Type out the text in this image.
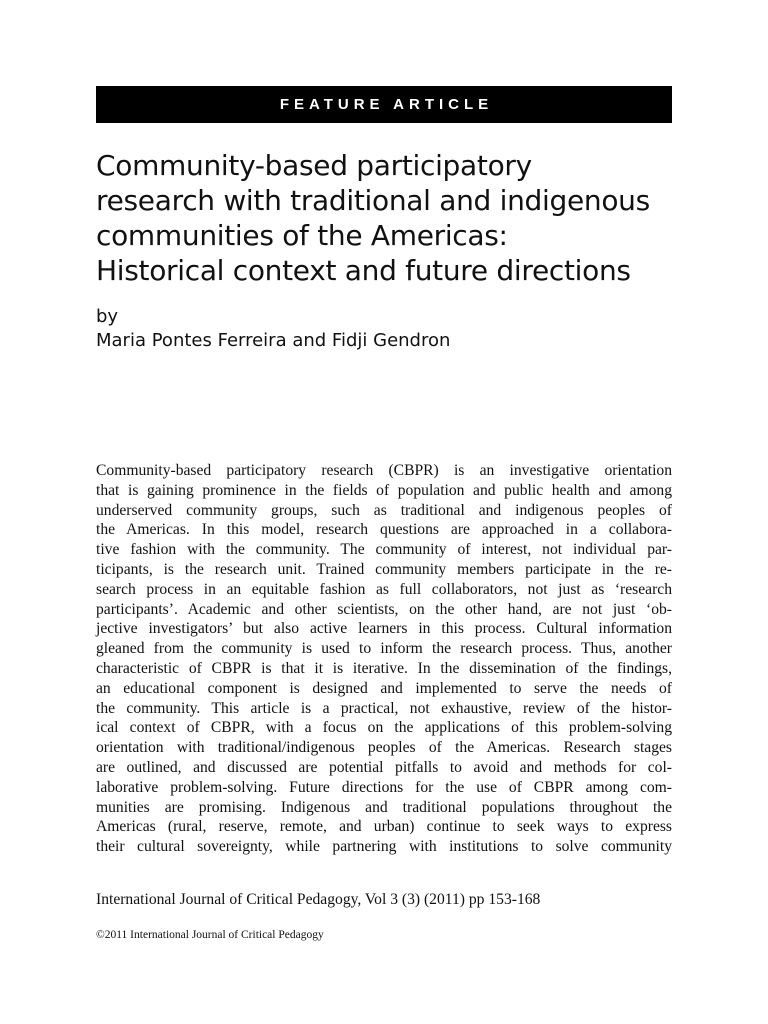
FEATURE ARTICLE
Community-based participatory
research with traditional and indigenous
communities of the Americas:
Historical context and future directions
by
Maria Pontes Ferreira and Fidji Gendron
Community-based participatory research (CBPR) is an investigative orientation
that is gaining prominence in the fields of population and public health and among
underserved community groups, such as traditional and indigenous peoples of
the Americas. In this model, research questions are approached in a collabora-
tive fashion with the community. The community of interest, not individual par-
ticipants, is the research unit. Trained community members participate in the re-
search process in an equitable fashion as full collaborators, not just as ‘research
participants’. Academic and other scientists, on the other hand, are not just ‘ob-
jective investigators’ but also active learners in this process. Cultural information
gleaned from the community is used to inform the research process. Thus, another
characteristic of CBPR is that it is iterative. In the dissemination of the findings,
an educational component is designed and implemented to serve the needs of
the community. This article is a practical, not exhaustive, review of the histor-
ical context of CBPR, with a focus on the applications of this problem-solving
orientation with traditional/indigenous peoples of the Americas. Research stages
are outlined, and discussed are potential pitfalls to avoid and methods for col-
laborative problem-solving. Future directions for the use of CBPR among com-
munities are promising. Indigenous and traditional populations throughout the
Americas (rural, reserve, remote, and urban) continue to seek ways to express
their cultural sovereignty, while partnering with institutions to solve community
International Journal of Critical Pedagogy, Vol 3 (3) (2011) pp 153-168
©2011 International Journal of Critical Pedagogy
